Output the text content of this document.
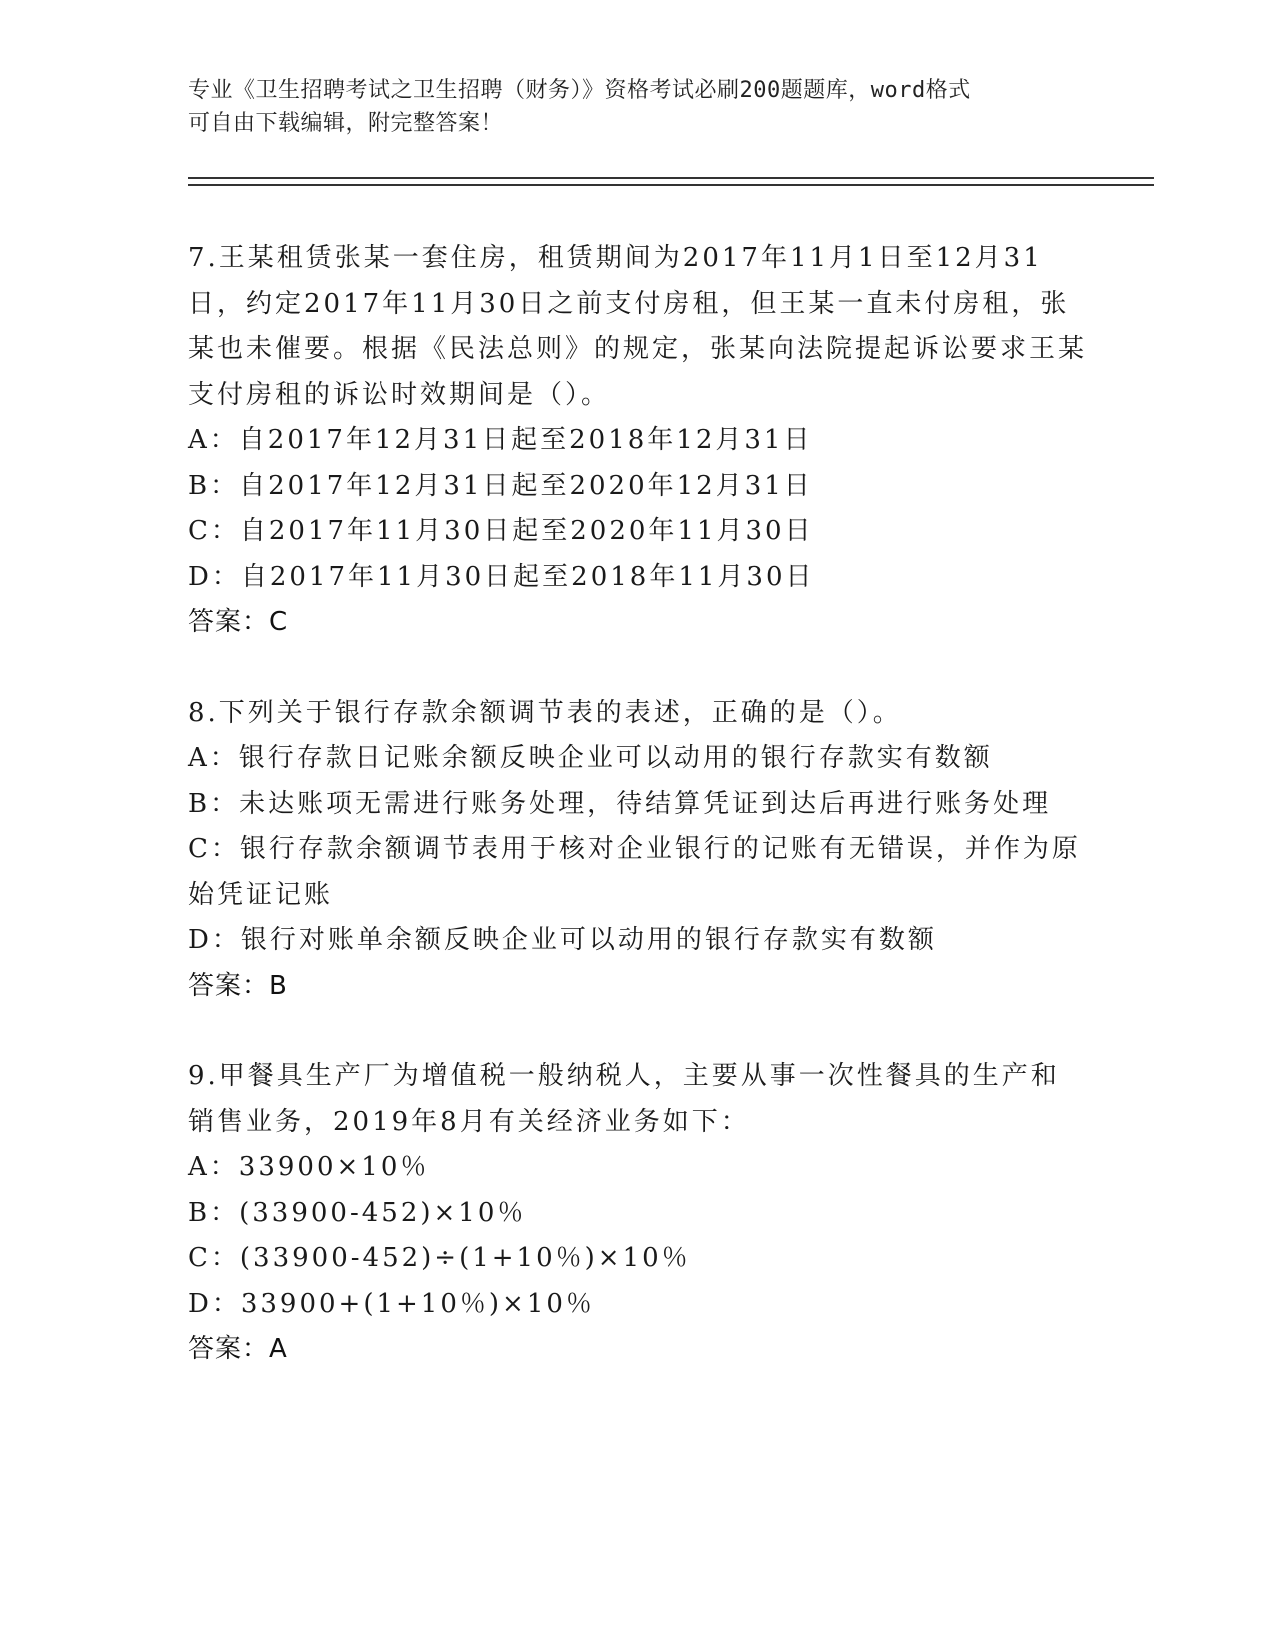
专业《卫生招聘考试之卫生招聘（财务）》资格考试必刷200题题库，word格式

可自由下载编辑，附完整答案！

7.王某租赁张某一套住房，租赁期间为2017年11月1日至12月31日，约定2017年11月30日之前支付房租，但王某一直未付房租，张某也未催要。根据《民法总则》的规定，张某向法院提起诉讼要求王某支付房租的诉讼时效期间是（）。

A：自2017年12月31日起至2018年12月31日

B：自2017年12月31日起至2020年12月31日

C：自2017年11月30日起至2020年11月30日

D：自2017年11月30日起至2018年11月30日

答案：C

8.下列关于银行存款余额调节表的表述，正确的是（）。

A：银行存款日记账余额反映企业可以动用的银行存款实有数额

B：未达账项无需进行账务处理，待结算凭证到达后再进行账务处理

C：银行存款余额调节表用于核对企业银行的记账有无错误，并作为原始凭证记账

D：银行对账单余额反映企业可以动用的银行存款实有数额

答案：B

9.甲餐具生产厂为增值税一般纳税人，主要从事一次性餐具的生产和销售业务，2019年8月有关经济业务如下：

A：33900×10％

B：(33900-452)×10％

C：(33900-452)÷(1+10％)×10％

D：33900+(1+10％)×10％

答案：A
